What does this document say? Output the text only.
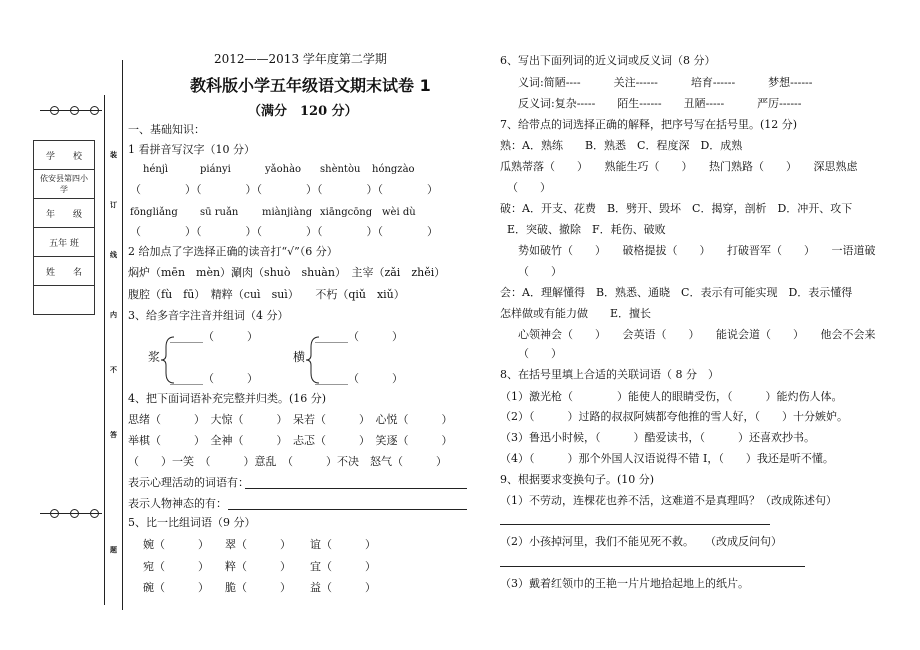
学　　校
依安县第四小学
年　　级
五年 班
姓　　名

装
订
线
内
不
答
题
2012——2013 学年度第二学期
教科版小学五年级语文期末试卷 1
（满分　120 分）
一、基础知识：
1 看拼音写汉字（10 分）
hénjì	piányi	yǎohào shèntòu hóngzào
（　　　　）（　　　　）（　　　　）（　　　　）（　　　　）
fōngliǎng sū ruǎn miànjiàng xiāngcōng wèi dù
（　　　　）（　　　　）（　　　　）（　　　　）（　　　　）
2 给加点了字选择正确的读音打“√”（6 分）
焖炉（mēn　mèn）涮肉（shuò　shuàn）　主宰（zǎi　zhěi）
腹腔（fù　fū）　精粹（cuì　suì）　　不朽（qiǔ　xiǔ）
3、给多音字注音并组词（4 分）
______（　　　）
______（　　　）
浆
______（　　　）
______（　　　）
横
4、把下面词语补充完整并归类。(16 分)
思绪（　　　）　大惊（　　　）　呆若（　　　）　心悦（　　　）
举棋（　　　）　全神（　　　）　忐忑（　　　）　笑逐（　　　）
（　　）一笑　（　　　）意乱　（　　　）不决　怒气（　　　）
表示心理活动的词语有：
表示人物神态的有：
5、比一比组词语（9 分）
婉（　　　） 翠（　　　） 谊（　　　）
宛（　　　） 粹（　　　） 宜（　　　）
碗（　　　） 脆（　　　） 益（　　　）
6、写出下面列词的近义词或反义词（8 分）
义词:简陋----　　　关注------　　　培育------　　　梦想------
反义词:复杂-----　　陌生------　　丑陋-----　　　严厉------
7、给带点的词选择正确的解释，把序号写在括号里。(12 分)
熟：A．熟练　　B．熟悉　C．程度深　D．成熟
瓜熟蒂落（　　）　　熟能生巧（　　）　　热门熟路（　　）　　深思熟虑
（　　）
破：A．开支、花费　B．劈开、毁坏　C．揭穿，剖析　D．冲开、攻下
E．突破、撤除　F．耗伤、破败
势如破竹（　　）　　破格提拔（　　）　　打破晋军（　　）　　一语道破
（　　）
会：A．理解懂得　B．熟悉、通晓　C．表示有可能实现　D．表示懂得
怎样做或有能力做　　E．擅长
心领神会（　　）　　会英语（　　）　　能说会道（　　）　　他会不会来
（　　）
8、在括号里填上合适的关联词语（ 8 分　）
（1）激光枪（　　　　）能使人的眼睛受伤，（　　　）能灼伤人体。
（2）（　　　）过路的叔叔阿姨都夸他推的雪人好，（　　）十分嫉妒。
（3）鲁迅小时候，（　　　）酷爱读书，（　　　）还喜欢抄书。
（4）（　　　）那个外国人汉语说得不错 I，（　　）我还是听不懂。
9、根据要求变换句子。(10 分)
（1）不劳动，连棵花也养不活，这难道不是真理吗？（改成陈述句）
（2）小孩掉河里，我们不能见死不救。　　（改成反问句）
（3）戴着红领巾的王艳一片片地拾起地上的纸片。
